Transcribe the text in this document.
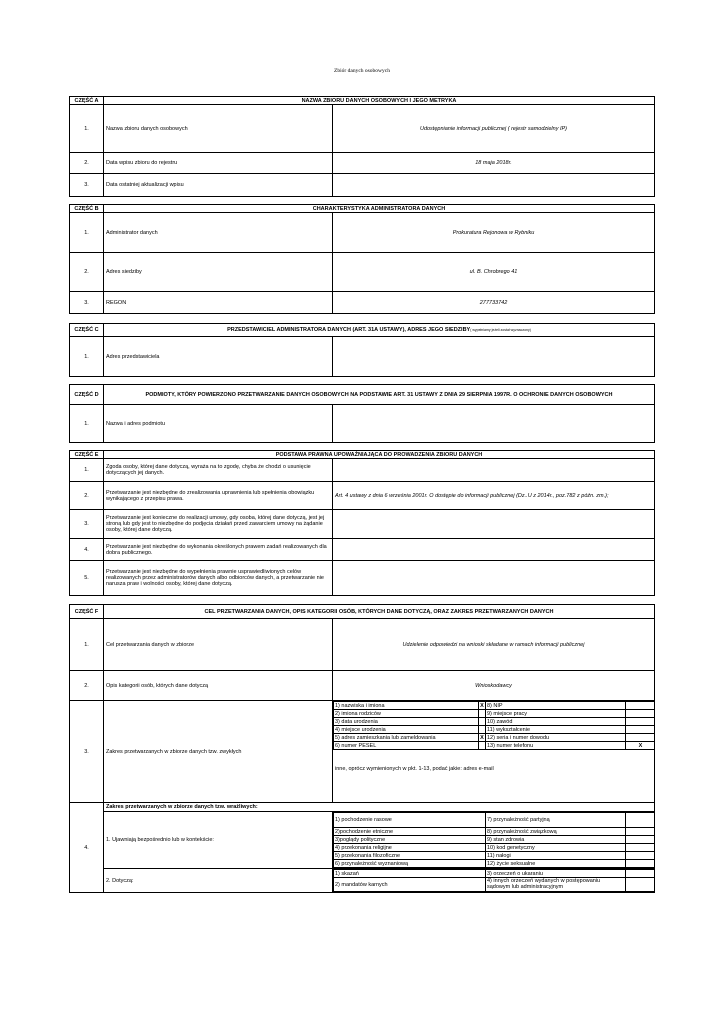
Zbiór danych osobowych
CZĘŚĆ A	NAZWA ZBIORU DANYCH OSOBOWYCH I JEGO METRYKA	
1.	Nazwa zbioru danych osobowych	Udostępnianie informacji publicznej ( rejestr samodzielny IP)
2.	Data wpisu zbioru do rejestru	18 maja 2018r.
3.	Data ostatniej aktualizacji wpisu	
CZĘŚĆ B	CHARAKTERYSTYKA ADMINISTRATORA DANYCH	
1.	Administrator danych	Prokuratura Rejonowa w Rybniku
2.	Adres siedziby	ul. B. Chrobrego 41
3.	REGON	277733742
CZĘŚĆ C	PRZEDSTAWICIEL ADMINISTRATORA DANYCH (ART. 31A USTAWY), ADRES JEGO SIEDZIBY( wypełniamy jeżeli został wyznaczony)	
1.	Adres przedstawiciela	
CZĘŚĆ D	PODMIOTY, KTÓRY POWIERZONO PRZETWARZANIE DANYCH OSOBOWYCH NA PODSTAWIE ART. 31 USTAWY Z DNIA 29 SIERPNIA 1997R. O OCHRONIE DANYCH OSOBOWYCH	
1.	Nazwa i adres podmiotu	
CZĘŚĆ E	PODSTAWA PRAWNA UPOWAŻNIAJĄCA DO PROWADZENIA ZBIORU DANYCH	
1.	Zgoda osoby, której dane dotyczą, wyraża na to zgodę, chyba że chodzi o usunięcie dotyczących jej danych.	
2.	Przetwarzanie jest niezbędne do zrealizowania uprawnienia lub spełnienia obowiązku wynikającego z przepisu prawa.	Art. 4 ustawy z dnia 6 września 2001r. O dostępie do informacji publicznej (Dz..U z 2014r., poz.782 z późn. zm.);
3.	Przetwarzanie jest konieczne do realizacji umowy, gdy osoba, której dane dotyczą, jest jej stroną lub gdy jest to niezbędne do podjęcia działań przed zawarciem umowy na żądanie osoby, której dane dotyczą.	
4.	Przetwarzanie jest niezbędne do wykonania określonych prawem zadań realizowanych dla dobra publicznego.	
5.	Przetwarzanie jest niezbędne do wypełnienia prawnie usprawiedliwionych celów realizowanych przez administratorów danych albo odbiorców danych, a przetwarzanie nie narusza praw i wolności osoby, której dane dotyczą.	
CZĘŚĆ F	CEL PRZETWARZANIA DANYCH, OPIS KATEGORII OSÓB, KTÓRYCH DANE DOTYCZĄ, ORAZ ZAKRES PRZETWARZANYCH DANYCH
1.	Cel przetwarzania danych w zbiorze	Udzielenie odpowiedzi na wnioski składane w ramach informacji publicznej
2.	Opis kategorii osób, których dane dotyczą	Wnioskodawcy
3.	Zakres przetwarzanych w zbiorze danych tzw. zwykłych	
1) nazwiska i imiona	X	8) NIP	
2) imiona rodziców		9) miejsce pracy	
3) data urodzenia		10) zawód	
4) miejsce urodzenia		11) wykształcenie	
5) adres zamieszkania lub zameldowania	X	12) seria i numer dowodu	
6) numer PESEL		13) numer telefonu	X
inne, oprócz wymienionych w pkt. 1-13, podać jakie: adres e-mail

4.	Zakres przetwarzanych w zbiorze danych tzw. wrażliwych:
1. Ujawniają bezpośrednio lub w kontekście:	
1) pochodzenie rasowe	7) przynależność partyjną	
2)pochodzenie etniczne	8) przynależność związkową	
3)poglądy polityczne	9) stan zdrowia	
4) przekonania religijne	10) kod genetyczny	
5) przekonania filozoficzne	11) nałogi	
6) przynależność wyznaniową	12) życie seksualne	

2. Dotyczą:	
1) skazań	3) orzeczeń o ukaraniu	
2) mandatów karnych	4) innych orzeczeń wydanych w postępowaniu sądowym lub administracyjnym	
